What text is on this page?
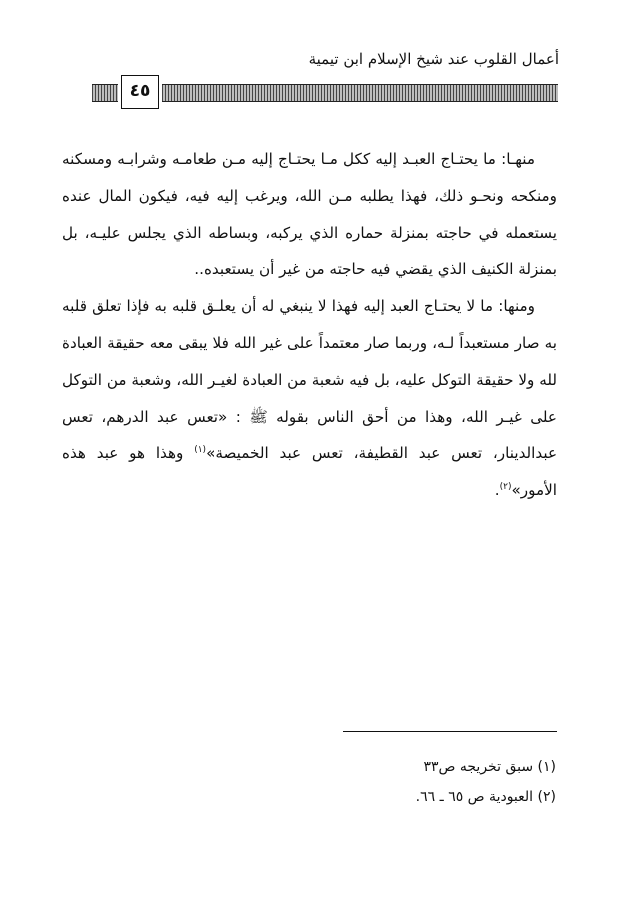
أعمال القلوب عند شيخ الإسلام ابن تيمية
٤٥

منهـا: ما يحتـاج العبـد إليه ككل مـا يحتـاج إليه مـن طعامـه وشرابـه ومسكنه ومنكحه ونحـو ذلك، فهذا يطلبه مـن الله، ويرغب إليه فيه، فيكون المال عنده يستعمله في حاجته بمنزلة حماره الذي يركبه، وبساطه الذي يجلس عليـه، بل بمنزلة الكنيف الذي يقضي فيه حاجته من غير أن يستعبده..

ومنها: ما لا يحتـاج العبد إليه فهذا لا ينبغي له أن يعلـق قلبه به فإذا تعلق قلبه به صار مستعبداً لـه، وربما صار معتمداً على غير الله فلا يبقى معه حقيقة العبادة لله ولا حقيقة التوكل عليه، بل فيه شعبة من العبادة لغيـر الله، وشعبة من التوكل على غيـر الله، وهذا من أحق الناس بقوله ﷺ : «تعس عبد الدرهم، تعس عبدالدينار، تعس عبد القطيفة، تعس عبد الخميصة»$^{(١)}$ وهذا هو عبد هذه الأمور»$^{(٢)}$.

(١) سبق تخريجه ص٣٣

(٢) العبودية ص ٦٥ ـ ٦٦.
